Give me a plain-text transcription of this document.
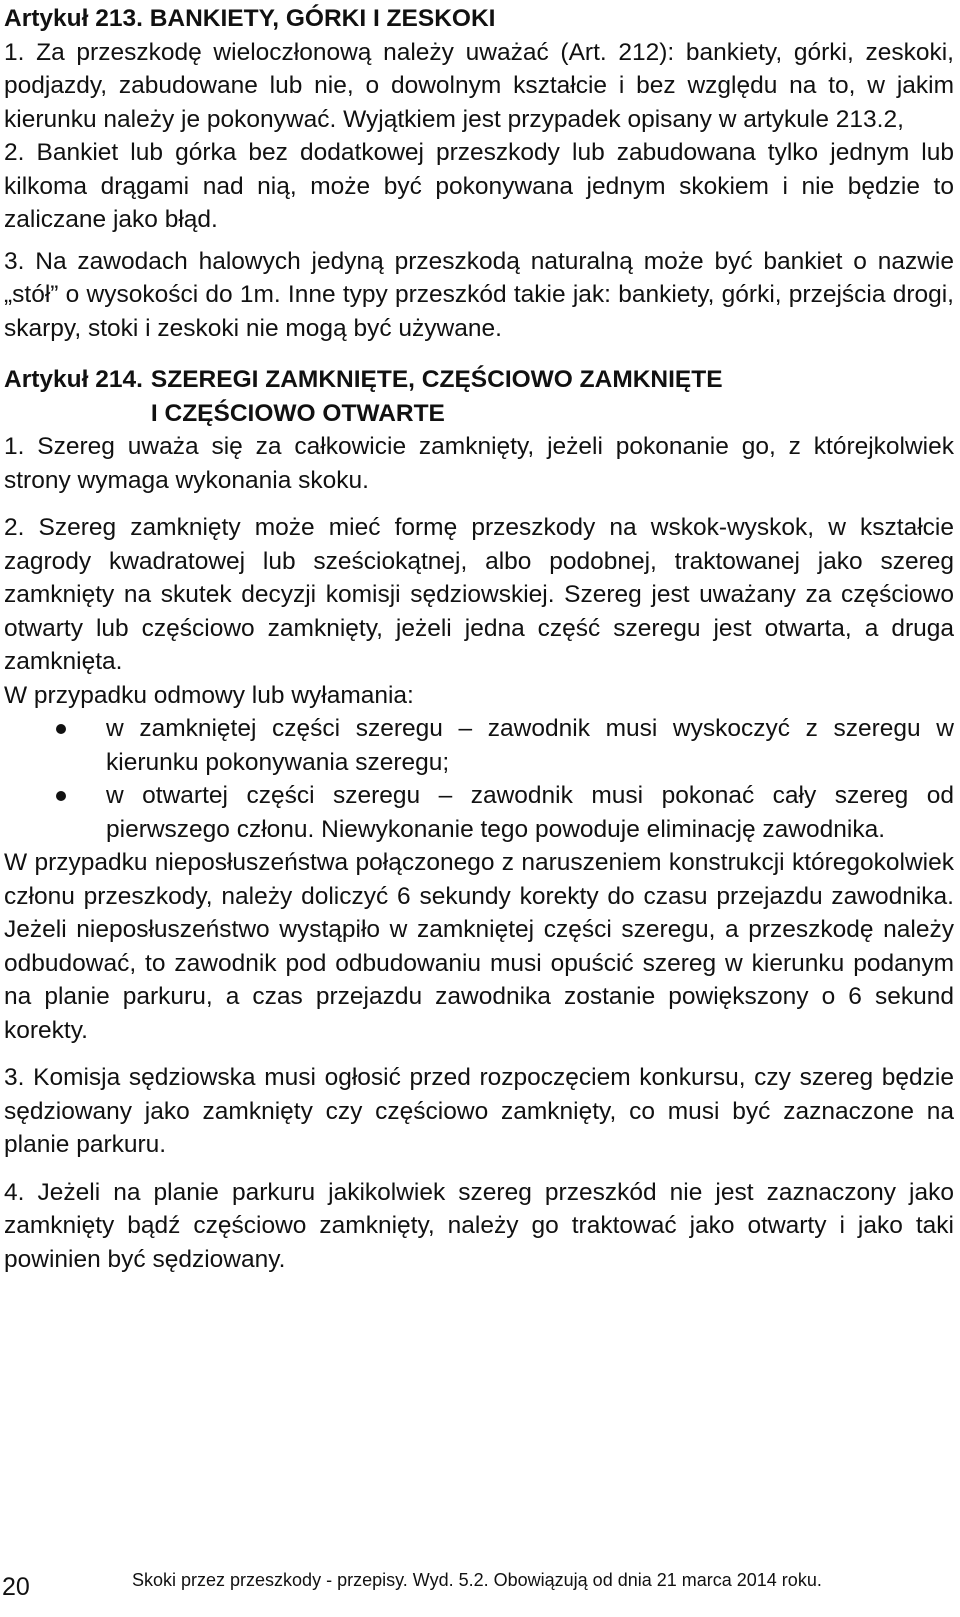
Artykuł 213. BANKIETY, GÓRKI I ZESKOKI

1. Za przeszkodę wieloczłonową należy uważać (Art. 212): bankiety, górki, zeskoki, podjazdy, zabudowane lub nie, o dowolnym kształcie i bez względu na to, w jakim kierunku należy je pokonywać. Wyjątkiem jest przypadek opisany w artykule 213.2,

2. Bankiet lub górka bez dodatkowej przeszkody lub zabudowana tylko jednym lub kilkoma drągami nad nią, może być pokonywana jednym skokiem i nie będzie to zaliczane jako błąd.

3. Na zawodach halowych jedyną przeszkodą naturalną może być bankiet o nazwie „stół” o wysokości do 1m. Inne typy przeszkód takie jak: bankiety, górki, przejścia drogi, skarpy, stoki i zeskoki nie mogą być używane.

Artykuł 214. SZEREGI ZAMKNIĘTE, CZĘŚCIOWO ZAMKNIĘTE
I CZĘŚCIOWO OTWARTE

1. Szereg uważa się za całkowicie zamknięty, jeżeli pokonanie go, z którejkolwiek strony wymaga wykonania skoku.

2. Szereg zamknięty może mieć formę przeszkody na wskok-wyskok, w kształcie zagrody kwadratowej lub sześciokątnej, albo podobnej, traktowanej jako szereg zamknięty na skutek decyzji komisji sędziowskiej. Szereg jest uważany za częściowo otwarty lub częściowo zamknięty, jeżeli jedna część szeregu jest otwarta, a druga zamknięta.

W przypadku odmowy lub wyłamania:

w zamkniętej części szeregu – zawodnik musi wyskoczyć z szeregu w kierunku pokonywania szeregu;
w otwartej części szeregu – zawodnik musi pokonać cały szereg od pierwszego członu. Niewykonanie tego powoduje eliminację zawodnika.

W przypadku nieposłuszeństwa połączonego z naruszeniem konstrukcji któregokolwiek członu przeszkody, należy doliczyć 6 sekundy korekty do czasu przejazdu zawodnika. Jeżeli nieposłuszeństwo wystąpiło w zamkniętej części szeregu, a przeszkodę należy odbudować, to zawodnik pod odbudowaniu musi opuścić szereg w kierunku podanym na planie parkuru, a czas przejazdu zawodnika zostanie powiększony o 6 sekund korekty.

3. Komisja sędziowska musi ogłosić przed rozpoczęciem konkursu, czy szereg będzie sędziowany jako zamknięty czy częściowo zamknięty, co musi być zaznaczone na planie parkuru.

4. Jeżeli na planie parkuru jakikolwiek szereg przeszkód nie jest zaznaczony jako zamknięty bądź częściowo zamknięty, należy go traktować jako otwarty i jako taki powinien być sędziowany.

20	Skoki przez przeszkody - przepisy. Wyd. 5.2. Obowiązują od dnia 21 marca 2014 roku.
